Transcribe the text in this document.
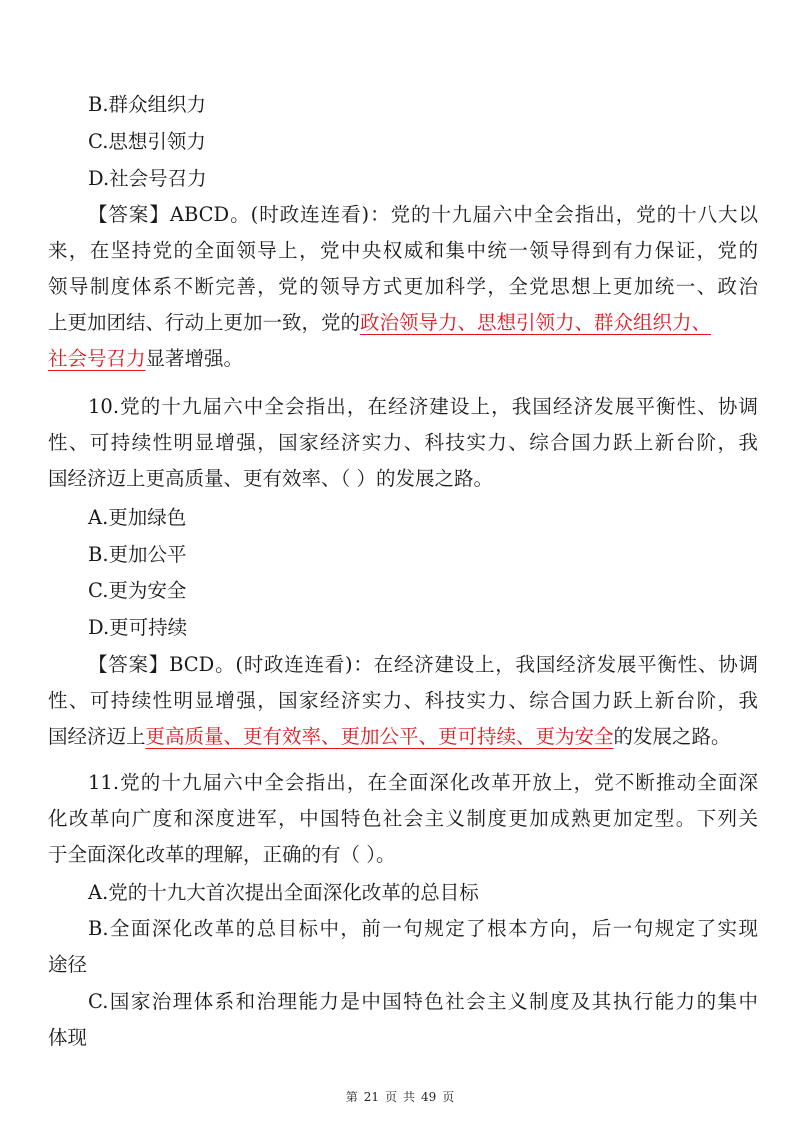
B.群众组织力
C.思想引领力
D.社会号召力
【答案】ABCD。(时政连连看)：党的十九届六中全会指出，党的十八大以
来，在坚持党的全面领导上，党中央权威和集中统一领导得到有力保证，党的
领导制度体系不断完善，党的领导方式更加科学，全党思想上更加统一、政治
上更加团结、行动上更加一致，党的政治领导力、思想引领力、群众组织力、
社会号召力显著增强。
10.党的十九届六中全会指出，在经济建设上，我国经济发展平衡性、协调
性、可持续性明显增强，国家经济实力、科技实力、综合国力跃上新台阶，我
国经济迈上更高质量、更有效率、（ ）的发展之路。
A.更加绿色
B.更加公平
C.更为安全
D.更可持续
【答案】BCD。(时政连连看)：在经济建设上，我国经济发展平衡性、协调
性、可持续性明显增强，国家经济实力、科技实力、综合国力跃上新台阶，我
国经济迈上更高质量、更有效率、更加公平、更可持续、更为安全的发展之路。
11.党的十九届六中全会指出，在全面深化改革开放上，党不断推动全面深
化改革向广度和深度进军，中国特色社会主义制度更加成熟更加定型。下列关
于全面深化改革的理解，正确的有（ ）。
A.党的十九大首次提出全面深化改革的总目标
B.全面深化改革的总目标中，前一句规定了根本方向，后一句规定了实现
途径
C.国家治理体系和治理能力是中国特色社会主义制度及其执行能力的集中
体现
第 21 页 共 49 页
